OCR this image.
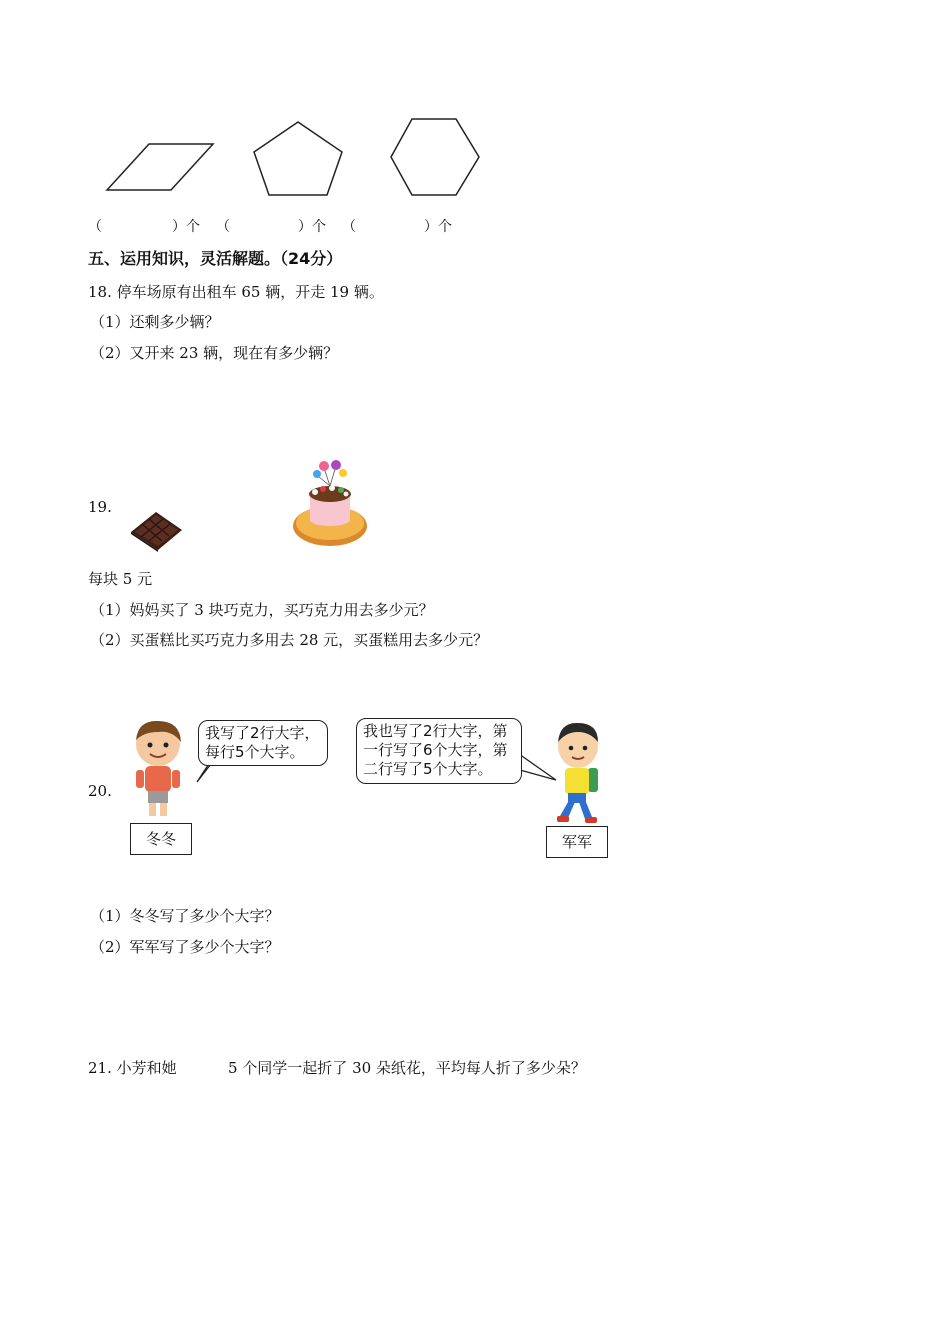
（	）个 （	）个 （	）个
五、运用知识，灵活解题。（24分）
18. 停车场原有出租车 65 辆，开走 19 辆。
（1）还剩多少辆？
（2）又开来 23 辆，现在有多少辆？
19.
每块 5 元
（1）妈妈买了 3 块巧克力，买巧克力用去多少元？
（2）买蛋糕比买巧克力多用去 28 元，买蛋糕用去多少元？
20.
我写了2行大字，
每行5个大字。
我也写了2行大字，第
一行写了6个大字，第
二行写了5个大字。
冬冬	军军
（1）冬冬写了多少个大字？
（2）军军写了多少个大字？
21. 小芳和她	5 个同学一起折了 30 朵纸花，平均每人折了多少朵？
